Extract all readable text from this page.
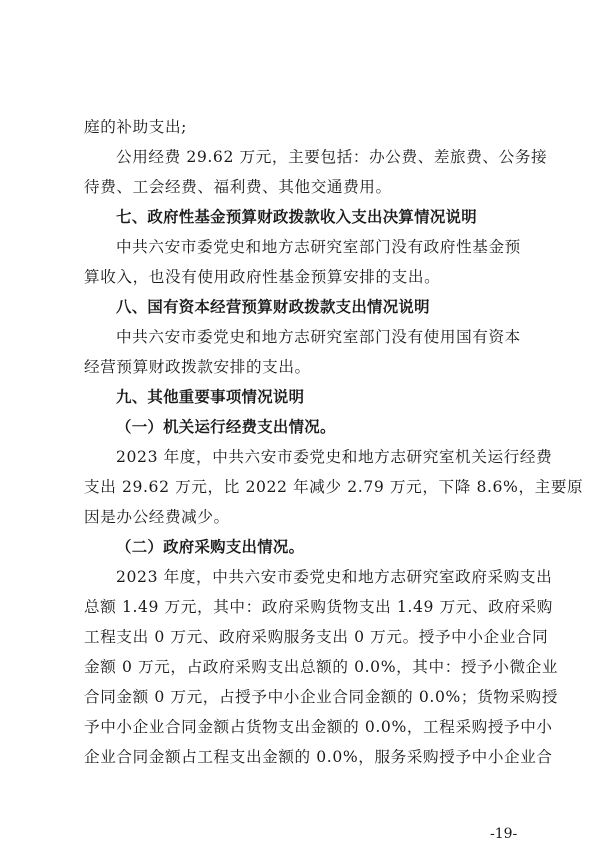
庭的补助支出;
公用经费 29.62 万元，主要包括：办公费、差旅费、公务接
待费、工会经费、福利费、其他交通费用。
七、政府性基金预算财政拨款收入支出决算情况说明
中共六安市委党史和地方志研究室部门没有政府性基金预
算收入，也没有使用政府性基金预算安排的支出。
八、国有资本经营预算财政拨款支出情况说明
中共六安市委党史和地方志研究室部门没有使用国有资本
经营预算财政拨款安排的支出。
九、其他重要事项情况说明
（一）机关运行经费支出情况。
2023 年度，中共六安市委党史和地方志研究室机关运行经费
支出 29.62 万元，比 2022 年减少 2.79 万元，下降 8.6%，主要原
因是办公经费减少。
（二）政府采购支出情况。
2023 年度，中共六安市委党史和地方志研究室政府采购支出
总额 1.49 万元，其中：政府采购货物支出 1.49 万元、政府采购
工程支出 0 万元、政府采购服务支出 0 万元。授予中小企业合同
金额 0 万元，占政府采购支出总额的 0.0%，其中：授予小微企业
合同金额 0 万元，占授予中小企业合同金额的 0.0%；货物采购授
予中小企业合同金额占货物支出金额的 0.0%，工程采购授予中小
企业合同金额占工程支出金额的 0.0%，服务采购授予中小企业合
-19-
